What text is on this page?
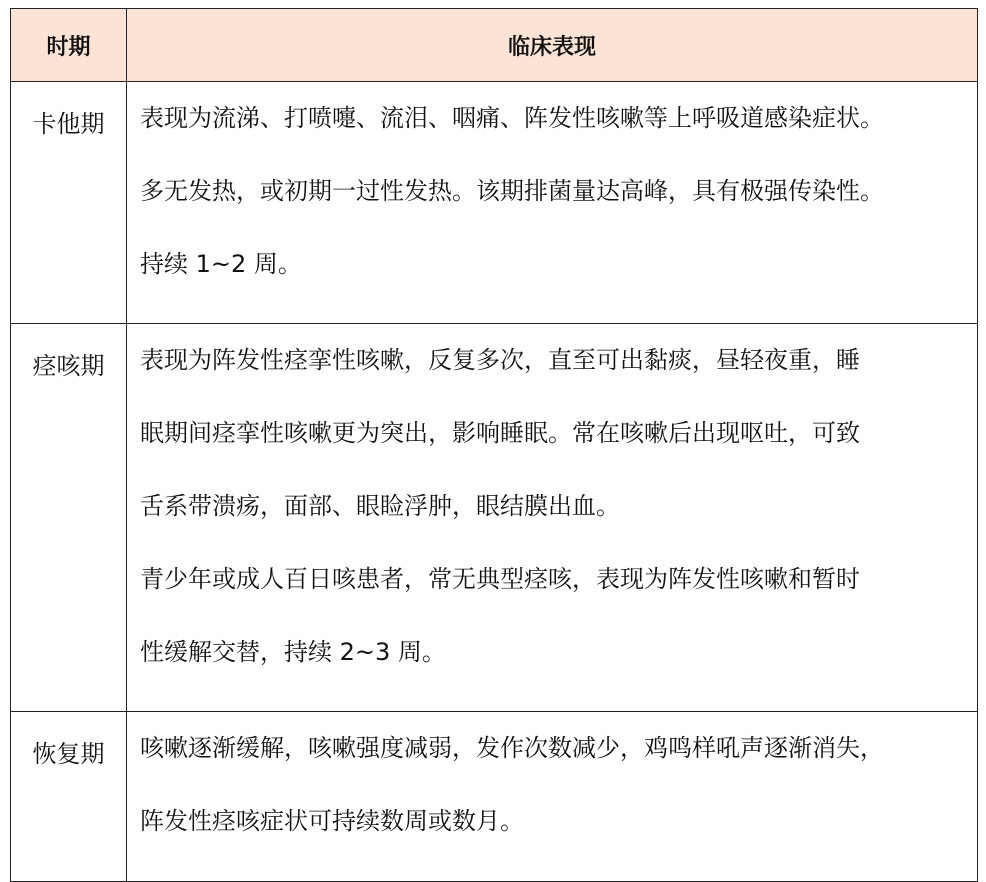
时期	临床表现
卡他期	表现为流涕、打喷嚏、流泪、咽痛、阵发性咳嗽等上呼吸道感染症状。
多无发热，或初期一过性发热。该期排菌量达高峰，具有极强传染性。
持续 1~2 周。

痉咳期	表现为阵发性痉挛性咳嗽，反复多次，直至可出黏痰，昼轻夜重，睡
眠期间痉挛性咳嗽更为突出，影响睡眠。常在咳嗽后出现呕吐，可致
舌系带溃疡，面部、眼睑浮肿，眼结膜出血。
青少年或成人百日咳患者，常无典型痉咳，表现为阵发性咳嗽和暂时
性缓解交替，持续 2~3 周。

恢复期	咳嗽逐渐缓解，咳嗽强度减弱，发作次数减少，鸡鸣样吼声逐渐消失，
阵发性痉咳症状可持续数周或数月。
